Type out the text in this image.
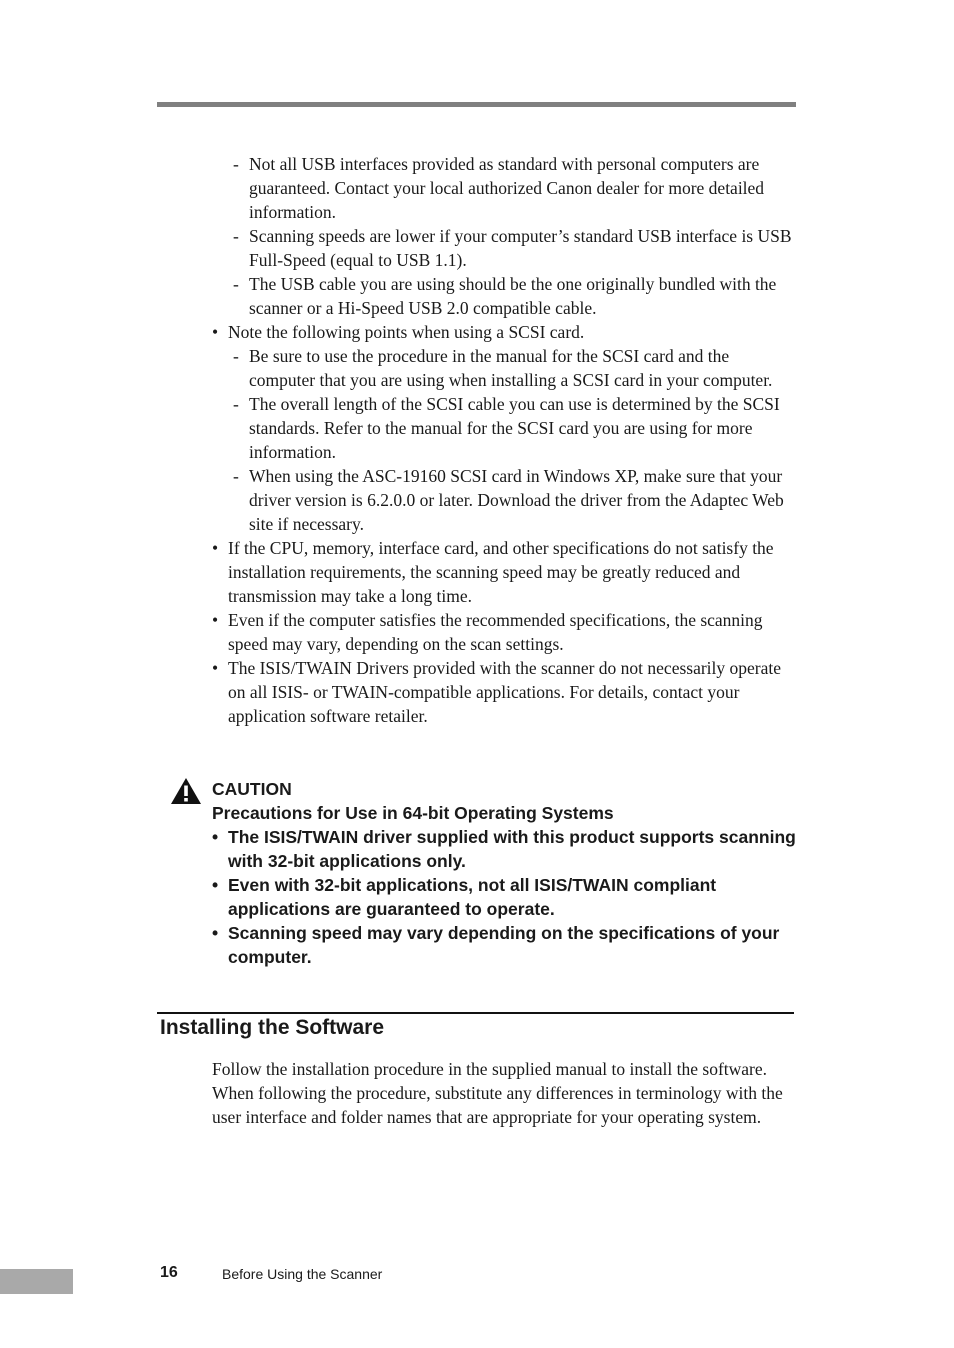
- Not all USB interfaces provided as standard with personal computers are guaranteed. Contact your local authorized Canon dealer for more detailed information.
- Scanning speeds are lower if your computer’s standard USB interface is USB Full-Speed (equal to USB 1.1).
- The USB cable you are using should be the one originally bundled with the scanner or a Hi-Speed USB 2.0 compatible cable.
• Note the following points when using a SCSI card.
- Be sure to use the procedure in the manual for the SCSI card and the computer that you are using when installing a SCSI card in your computer.
- The overall length of the SCSI cable you can use is determined by the SCSI standards. Refer to the manual for the SCSI card you are using for more information.
- When using the ASC-19160 SCSI card in Windows XP, make sure that your driver version is 6.2.0.0 or later. Download the driver from the Adaptec Web site if necessary.
• If the CPU, memory, interface card, and other specifications do not satisfy the installation requirements, the scanning speed may be greatly reduced and transmission may take a long time.
• Even if the computer satisfies the recommended specifications, the scanning speed may vary, depending on the scan settings.
• The ISIS/TWAIN Drivers provided with the scanner do not necessarily operate on all ISIS- or TWAIN-compatible applications. For details, contact your application software retailer.
CAUTION
Precautions for Use in 64-bit Operating Systems
• The ISIS/TWAIN driver supplied with this product supports scanning with 32-bit applications only.
• Even with 32-bit applications, not all ISIS/TWAIN compliant applications are guaranteed to operate.
• Scanning speed may vary depending on the specifications of your computer.
Installing the Software

Follow the installation procedure in the supplied manual to install the software. When following the procedure, substitute any differences in terminology with the user interface and folder names that are appropriate for your operating system.

16	Before Using the Scanner
